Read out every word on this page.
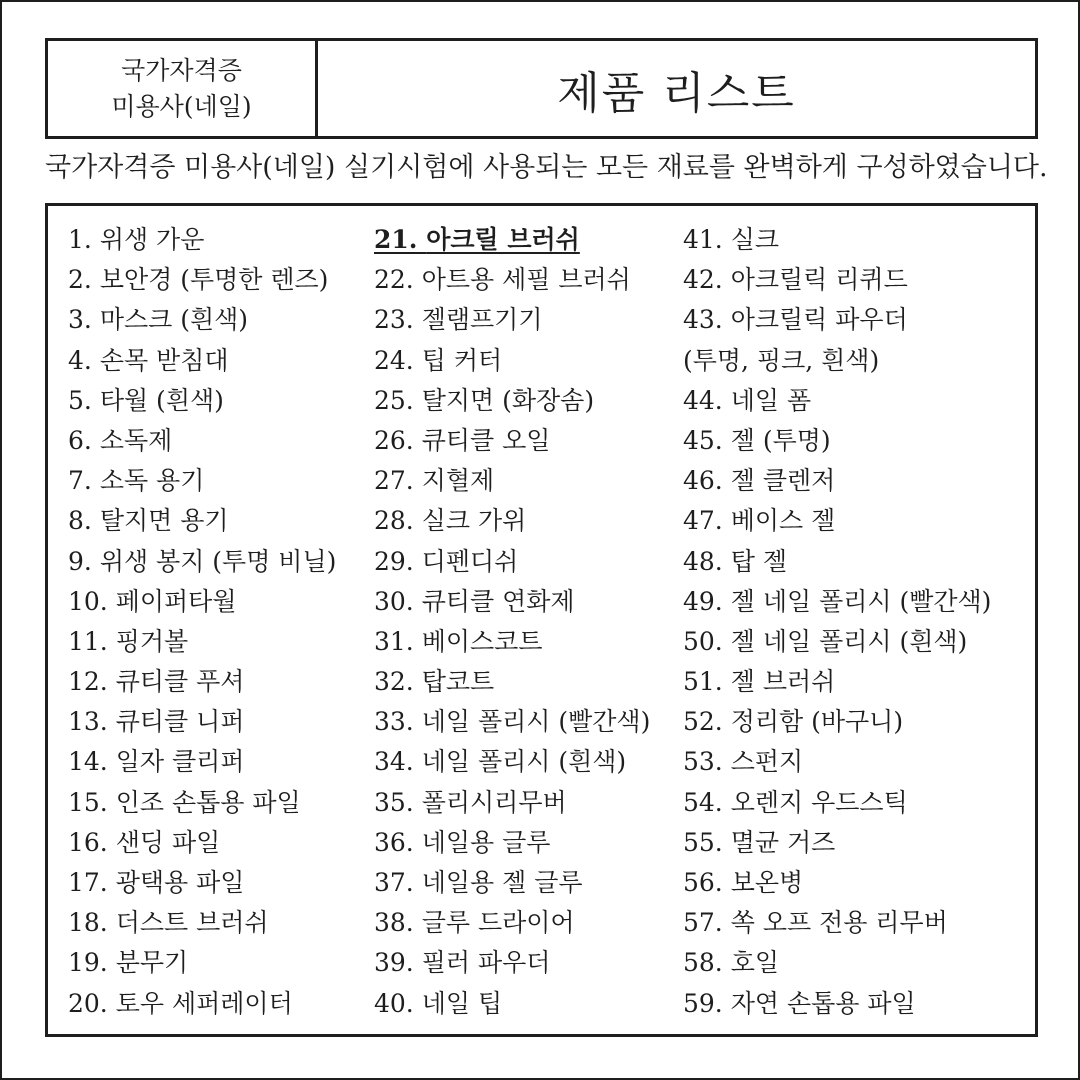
국가자격증
미용사(네일)	제품 리스트
국가자격증 미용사(네일) 실기시험에 사용되는 모든 재료를 완벽하게 구성하였습니다.
1. 위생 가운
2. 보안경 (투명한 렌즈)
3. 마스크 (흰색)
4. 손목 받침대
5. 타월 (흰색)
6. 소독제
7. 소독 용기
8. 탈지면 용기
9. 위생 봉지 (투명 비닐)
10. 페이퍼타월
11. 핑거볼
12. 큐티클 푸셔
13. 큐티클 니퍼
14. 일자 클리퍼
15. 인조 손톱용 파일
16. 샌딩 파일
17. 광택용 파일
18. 더스트 브러쉬
19. 분무기
20. 토우 세퍼레이터
21. 아크릴 브러쉬
22. 아트용 세필 브러쉬
23. 젤램프기기
24. 팁 커터
25. 탈지면 (화장솜)
26. 큐티클 오일
27. 지혈제
28. 실크 가위
29. 디펜디쉬
30. 큐티클 연화제
31. 베이스코트
32. 탑코트
33. 네일 폴리시 (빨간색)
34. 네일 폴리시 (흰색)
35. 폴리시리무버
36. 네일용 글루
37. 네일용 젤 글루
38. 글루 드라이어
39. 필러 파우더
40. 네일 팁
41. 실크
42. 아크릴릭 리퀴드
43. 아크릴릭 파우더
(투명, 핑크, 흰색)
44. 네일 폼
45. 젤 (투명)
46. 젤 클렌저
47. 베이스 젤
48. 탑 젤
49. 젤 네일 폴리시 (빨간색)
50. 젤 네일 폴리시 (흰색)
51. 젤 브러쉬
52. 정리함 (바구니)
53. 스펀지
54. 오렌지 우드스틱
55. 멸균 거즈
56. 보온병
57. 쏙 오프 전용 리무버
58. 호일
59. 자연 손톱용 파일
